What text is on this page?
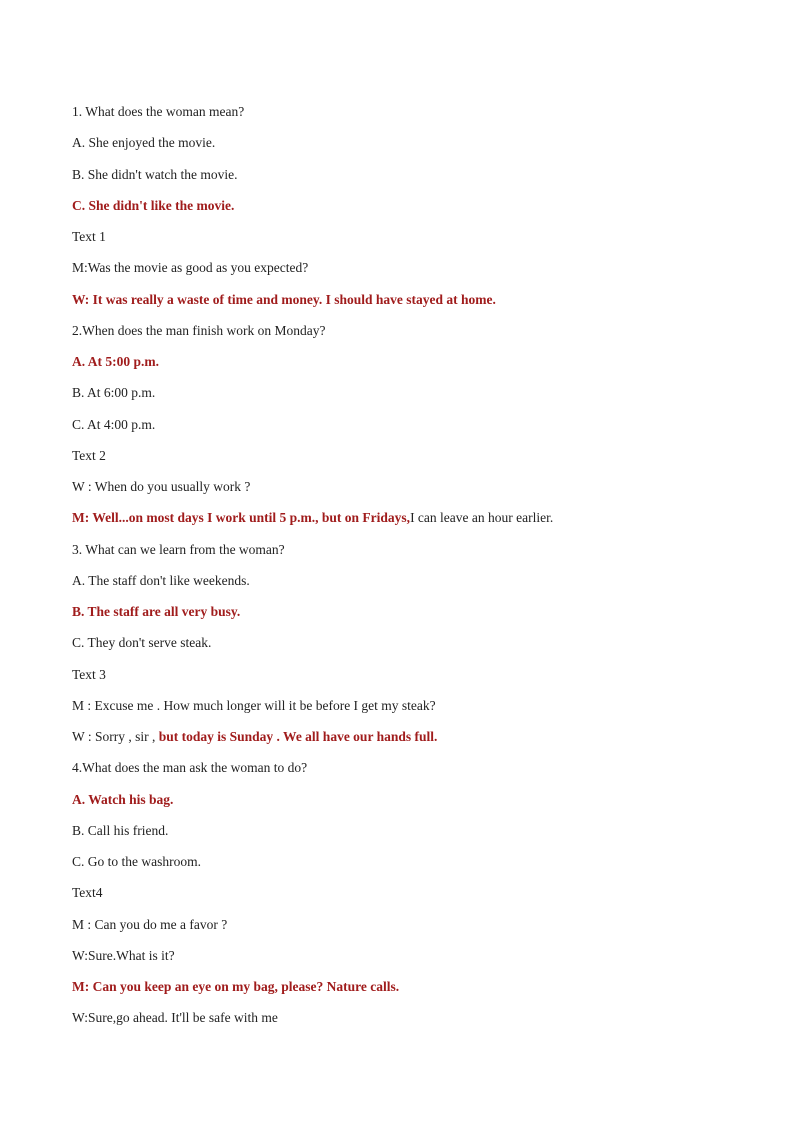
1. What does the woman mean?
A. She enjoyed the movie.
B. She didn't watch the movie.
C. She didn't like the movie.
Text 1
M:Was the movie as good as you expected?
W: It was really a waste of time and money. I should have stayed at home.
2.When does the man finish work on Monday?
A. At 5:00 p.m.
B. At 6:00 p.m.
C. At 4:00 p.m.
Text 2
W : When do you usually work ?
M: Well...on most days I work until 5 p.m., but on Fridays,I can leave an hour earlier.
3. What can we learn from the woman?
A. The staff don't like weekends.
B. The staff are all very busy.
C. They don't serve steak.
Text 3
M : Excuse me . How much longer will it be before I get my steak?
W : Sorry , sir , but today is Sunday . We all have our hands full.
4.What does the man ask the woman to do?
A. Watch his bag.
B. Call his friend.
C. Go to the washroom.
Text4
M : Can you do me a favor ?
W:Sure.What is it?
M: Can you keep an eye on my bag, please? Nature calls.
W:Sure,go ahead. It'll be safe with me
